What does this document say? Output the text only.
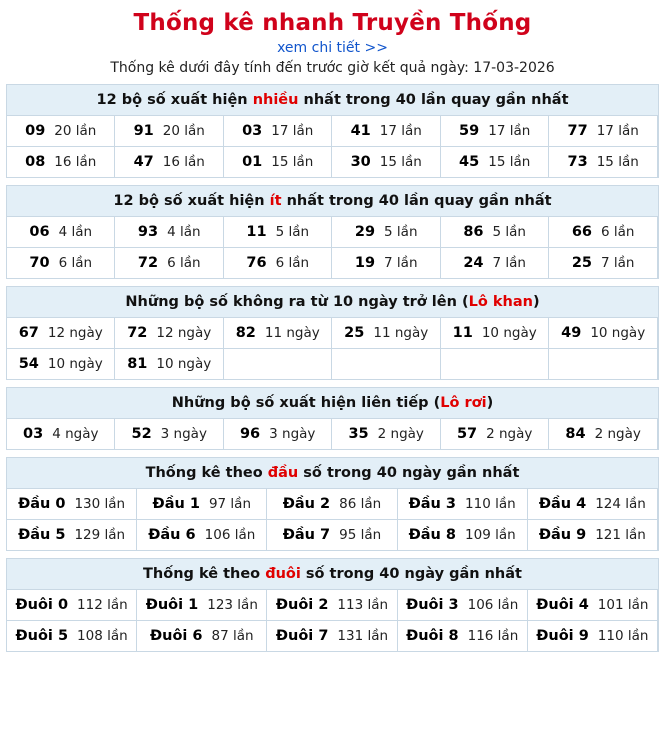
Thống kê nhanh Truyền Thống
xem chi tiết >>
Thống kê dưới đây tính đến trước giờ kết quả ngày: 17-03-2026
12 bộ số xuất hiện nhiều nhất trong 40 lần quay gần nhất
09 20 lần	91 20 lần	03 17 lần	41 17 lần	59 17 lần	77 17 lần
08 16 lần	47 16 lần	01 15 lần	30 15 lần	45 15 lần	73 15 lần
12 bộ số xuất hiện ít nhất trong 40 lần quay gần nhất
06 4 lần	93 4 lần	11 5 lần	29 5 lần	86 5 lần	66 6 lần
70 6 lần	72 6 lần	76 6 lần	19 7 lần	24 7 lần	25 7 lần
Những bộ số không ra từ 10 ngày trở lên (Lô khan)
67 12 ngày 72 12 ngày 82 11 ngày 25 11 ngày 11 10 ngày 49 10 ngày
54 10 ngày 81 10 ngày
Những bộ số xuất hiện liên tiếp (Lô rơi)
03 4 ngày 52 3 ngày 96 3 ngày 35 2 ngày 57 2 ngày 84 2 ngày
Thống kê theo đầu số trong 40 ngày gần nhất
Đầu 0 130 lần Đầu 1 97 lần Đầu 2 86 lần Đầu 3 110 lần Đầu 4 124 lần
Đầu 5 129 lần Đầu 6 106 lần Đầu 7 95 lần Đầu 8 109 lần Đầu 9 121 lần
Thống kê theo đuôi số trong 40 ngày gần nhất
Đuôi 0 112 lần Đuôi 1 123 lần Đuôi 2 113 lần Đuôi 3 106 lần Đuôi 4 101 lần
Đuôi 5 108 lần Đuôi 6 87 lần Đuôi 7 131 lần Đuôi 8 116 lần Đuôi 9 110 lần
